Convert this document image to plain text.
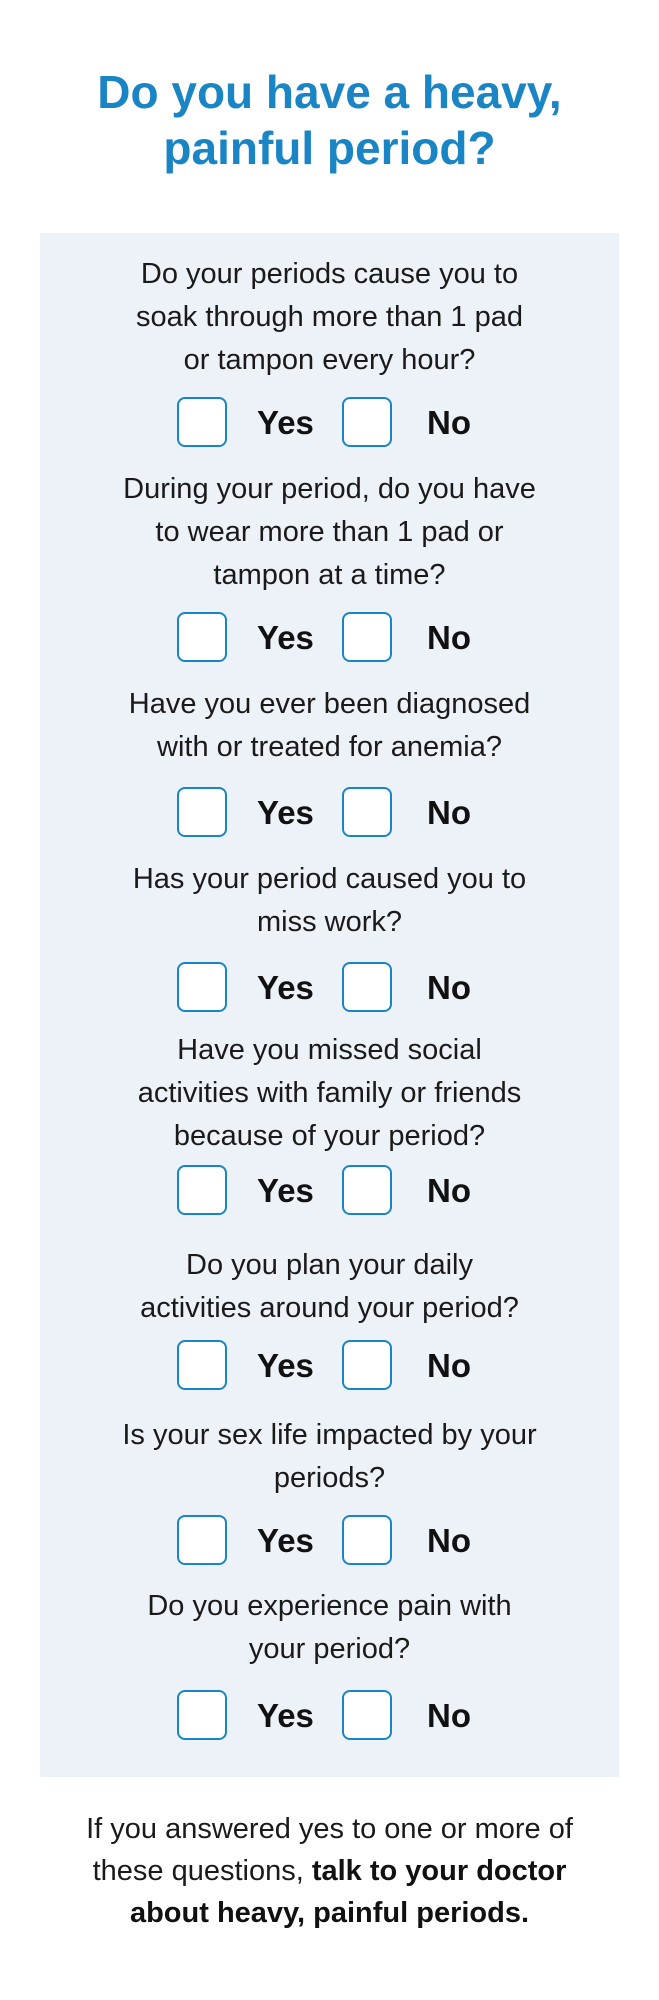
Do you have a heavy,
painful period?
Do your periods cause you to
soak through more than 1 pad
or tampon every hour?
Yes	No
During your period, do you have
to wear more than 1 pad or
tampon at a time?
Yes	No
Have you ever been diagnosed
with or treated for anemia?
Yes	No
Has your period caused you to
miss work?
Yes	No
Have you missed social
activities with family or friends
because of your period?
Yes	No
Do you plan your daily
activities around your period?
Yes	No
Is your sex life impacted by your
periods?
Yes	No
Do you experience pain with
your period?
Yes	No
If you answered yes to one or more of
these questions, talk to your doctor
about heavy, painful periods.
